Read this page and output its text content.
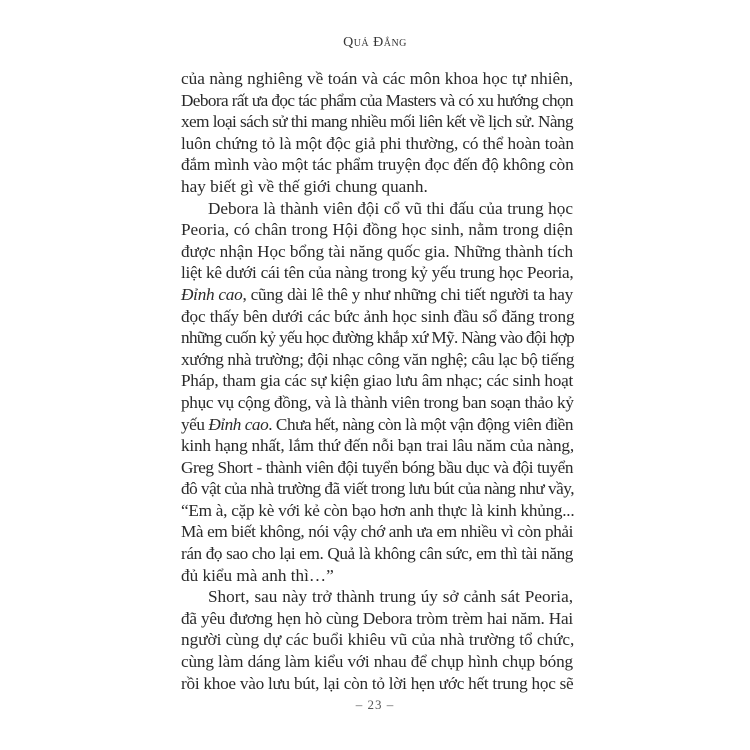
Quả Đắng
của nàng nghiêng về toán và các môn khoa học tự nhiên,
Debora rất ưa đọc tác phẩm của Masters và có xu hướng chọn
xem loại sách sử thi mang nhiều mối liên kết về lịch sử. Nàng
luôn chứng tỏ là một độc giả phi thường, có thể hoàn toàn
đắm mình vào một tác phẩm truyện đọc đến độ không còn
hay biết gì về thế giới chung quanh.
Debora là thành viên đội cổ vũ thi đấu của trung học
Peoria, có chân trong Hội đồng học sinh, nằm trong diện
được nhận Học bổng tài năng quốc gia. Những thành tích
liệt kê dưới cái tên của nàng trong kỷ yếu trung học Peoria,
Đỉnh cao , cũng dài lê thê y như những chi tiết người ta hay
đọc thấy bên dưới các bức ảnh học sinh đầu sổ đăng trong
những cuốn kỷ yếu học đường khắp xứ Mỹ. Nàng vào đội hợp
xướng nhà trường; đội nhạc công văn nghệ; câu lạc bộ tiếng
Pháp, tham gia các sự kiện giao lưu âm nhạc; các sinh hoạt
phục vụ cộng đồng, và là thành viên trong ban soạn thảo kỷ
yếu Đỉnh cao . Chưa hết, nàng còn là một vận động viên điền
kinh hạng nhất, lắm thứ đến nỗi bạn trai lâu năm của nàng,
Greg Short - thành viên đội tuyển bóng bầu dục và đội tuyển
đô vật của nhà trường đã viết trong lưu bút của nàng như vầy,
“Em à, cặp kè với kẻ còn bạo hơn anh thực là kinh khủng...
Mà em biết không, nói vậy chớ anh ưa em nhiều vì còn phải
rán đọ sao cho lại em. Quả là không cân sức, em thì tài năng
đủ kiểu mà anh thì…”
Short, sau này trở thành trung úy sở cảnh sát Peoria,
đã yêu đương hẹn hò cùng Debora tròm trèm hai năm. Hai
người cùng dự các buổi khiêu vũ của nhà trường tổ chức,
cùng làm dáng làm kiểu với nhau để chụp hình chụp bóng
rồi khoe vào lưu bút, lại còn tỏ lời hẹn ước hết trung học sẽ
– 23 –
